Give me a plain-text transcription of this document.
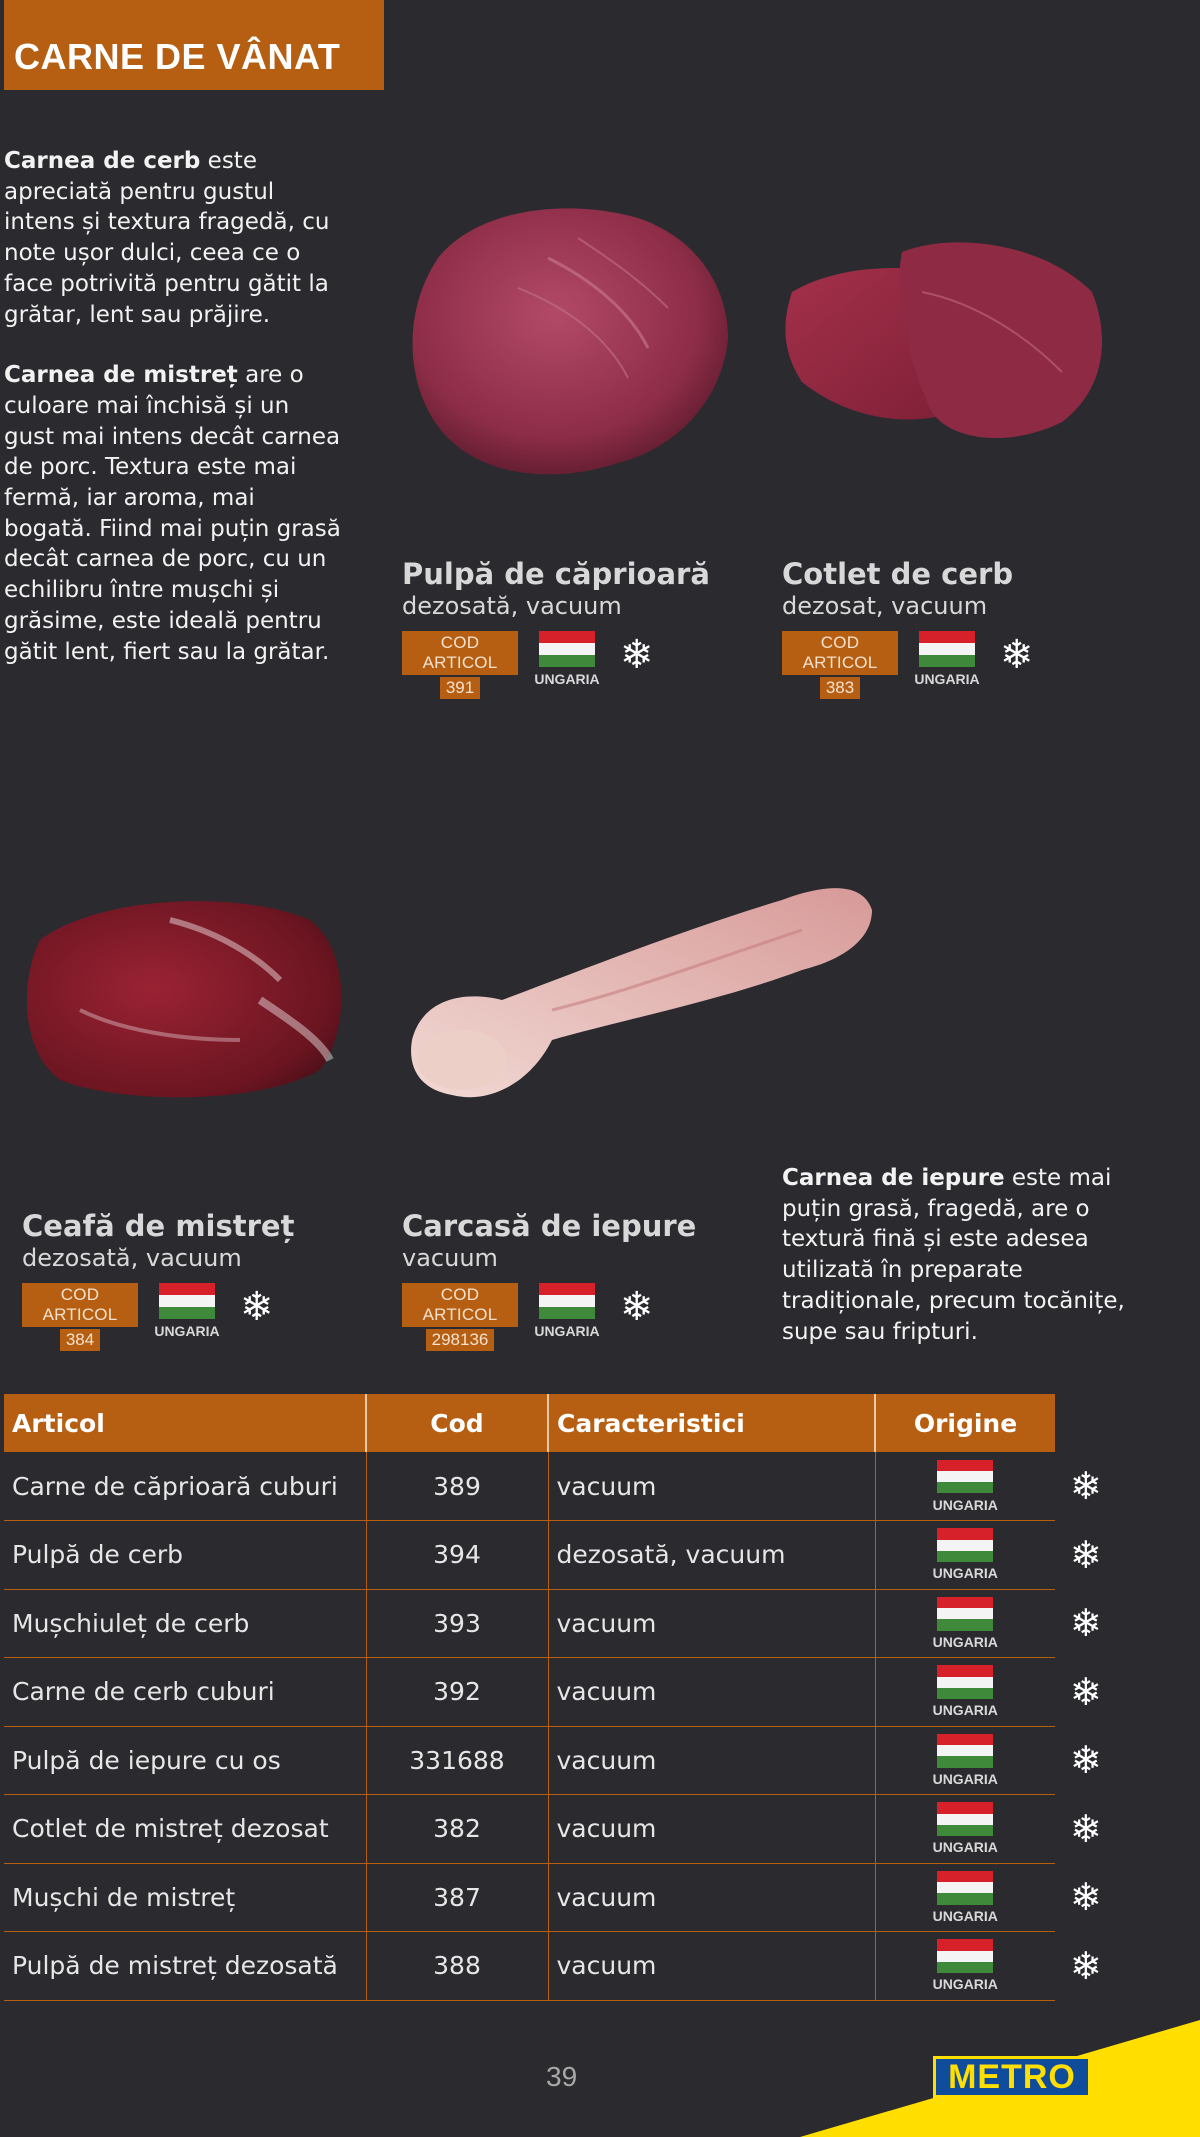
CARNE DE VÂNAT

Carnea de cerb este apreciată pentru gustul intens și textura fragedă, cu note ușor dulci, ceea ce o face potrivită pentru gătit la grătar, lent sau prăjire.

Carnea de mistreț are o culoare mai închisă și un gust mai intens decât carnea de porc. Textura este mai fermă, iar aroma, mai bogată. Fiind mai puțin grasă decât carnea de porc, cu un echilibru între mușchi și grăsime, este ideală pentru gătit lent, fiert sau la grătar.

Pulpă de căprioară
dezosată, vacuum
COD ARTICOL
391	UNGARIA
❄
Cotlet de cerb
dezosat, vacuum
COD ARTICOL
383	UNGARIA
❄
Ceafă de mistreț
dezosată, vacuum
COD ARTICOL
384	UNGARIA
❄
Carcasă de iepure
vacuum
COD ARTICOL
298136	UNGARIA
❄
Carnea de iepure este mai puțin grasă, fragedă, are o textură fină și este adesea utilizată în preparate tradiționale, precum tocănițe, supe sau fripturi.
Articol	Cod	Caracteristici	Origine
Carne de căprioară cuburi	389	vacuum	UNGARIA

Pulpă de cerb	394	dezosată, vacuum	UNGARIA

Mușchiuleț de cerb	393	vacuum	UNGARIA

Carne de cerb cuburi	392	vacuum	UNGARIA

Pulpă de iepure cu os	331688	vacuum	UNGARIA

Cotlet de mistreț dezosat	382	vacuum	UNGARIA

Mușchi de mistreț	387	vacuum	UNGARIA

Pulpă de mistreț dezosată	388	vacuum	UNGARIA
❄
❄
❄
❄
❄
❄
❄
❄
39	METRO
